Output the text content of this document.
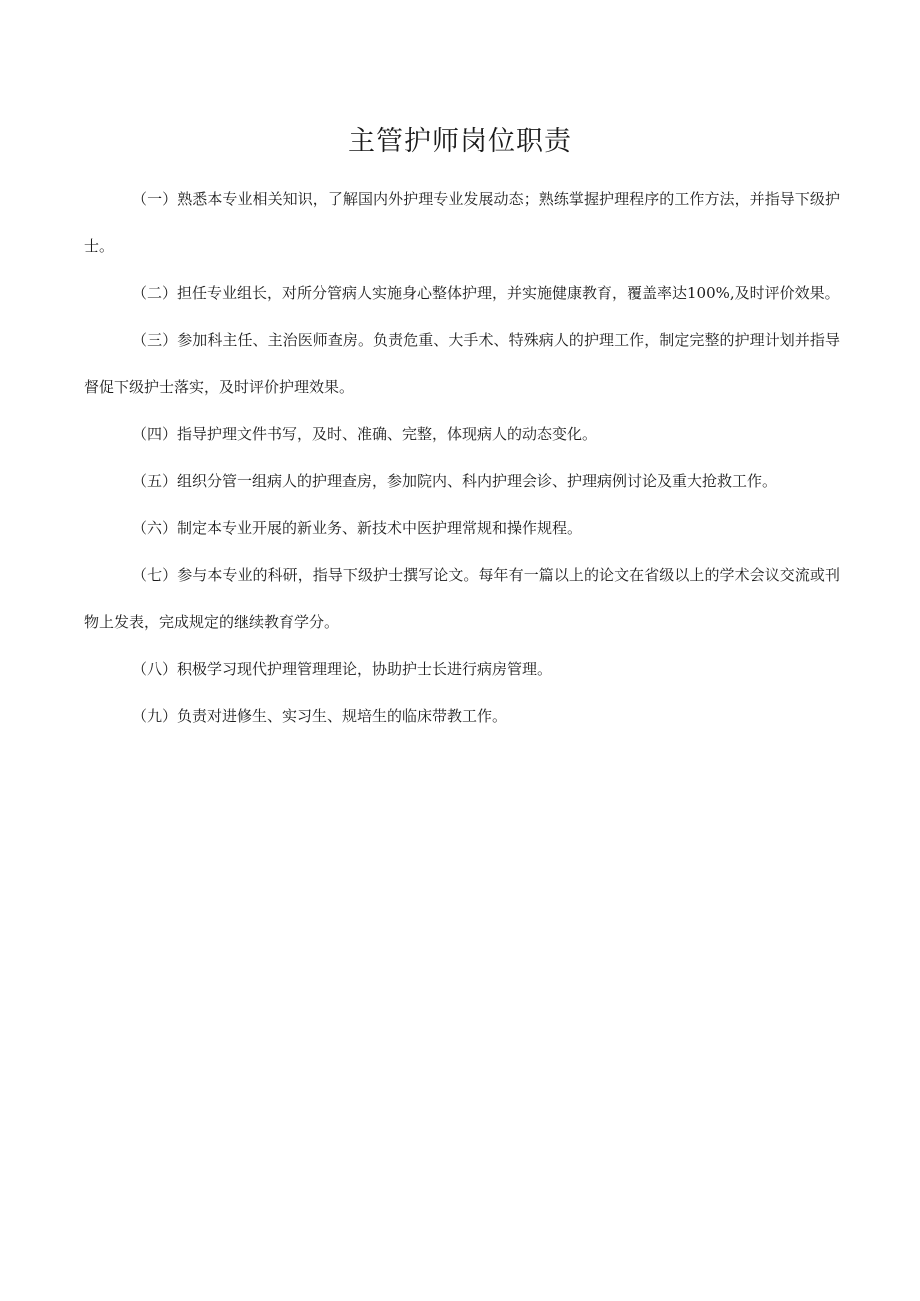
主管护师岗位职责

（一）熟悉本专业相关知识，了解国内外护理专业发展动态；熟练掌握护理程序的工作方法，并指导下级护士。

（二）担任专业组长，对所分管病人实施身心整体护理，并实施健康教育，覆盖率达100%,及时评价效果。

（三）参加科主任、主治医师查房。负责危重、大手术、特殊病人的护理工作，制定完整的护理计划并指导督促下级护士落实，及时评价护理效果。

（四）指导护理文件书写，及时、准确、完整，体现病人的动态变化。

（五）组织分管一组病人的护理查房，参加院内、科内护理会诊、护理病例讨论及重大抢救工作。

（六）制定本专业开展的新业务、新技术中医护理常规和操作规程。

（七）参与本专业的科研，指导下级护士撰写论文。每年有一篇以上的论文在省级以上的学术会议交流或刊物上发表，完成规定的继续教育学分。

（八）积极学习现代护理管理理论，协助护士长进行病房管理。

（九）负责对进修生、实习生、规培生的临床带教工作。
